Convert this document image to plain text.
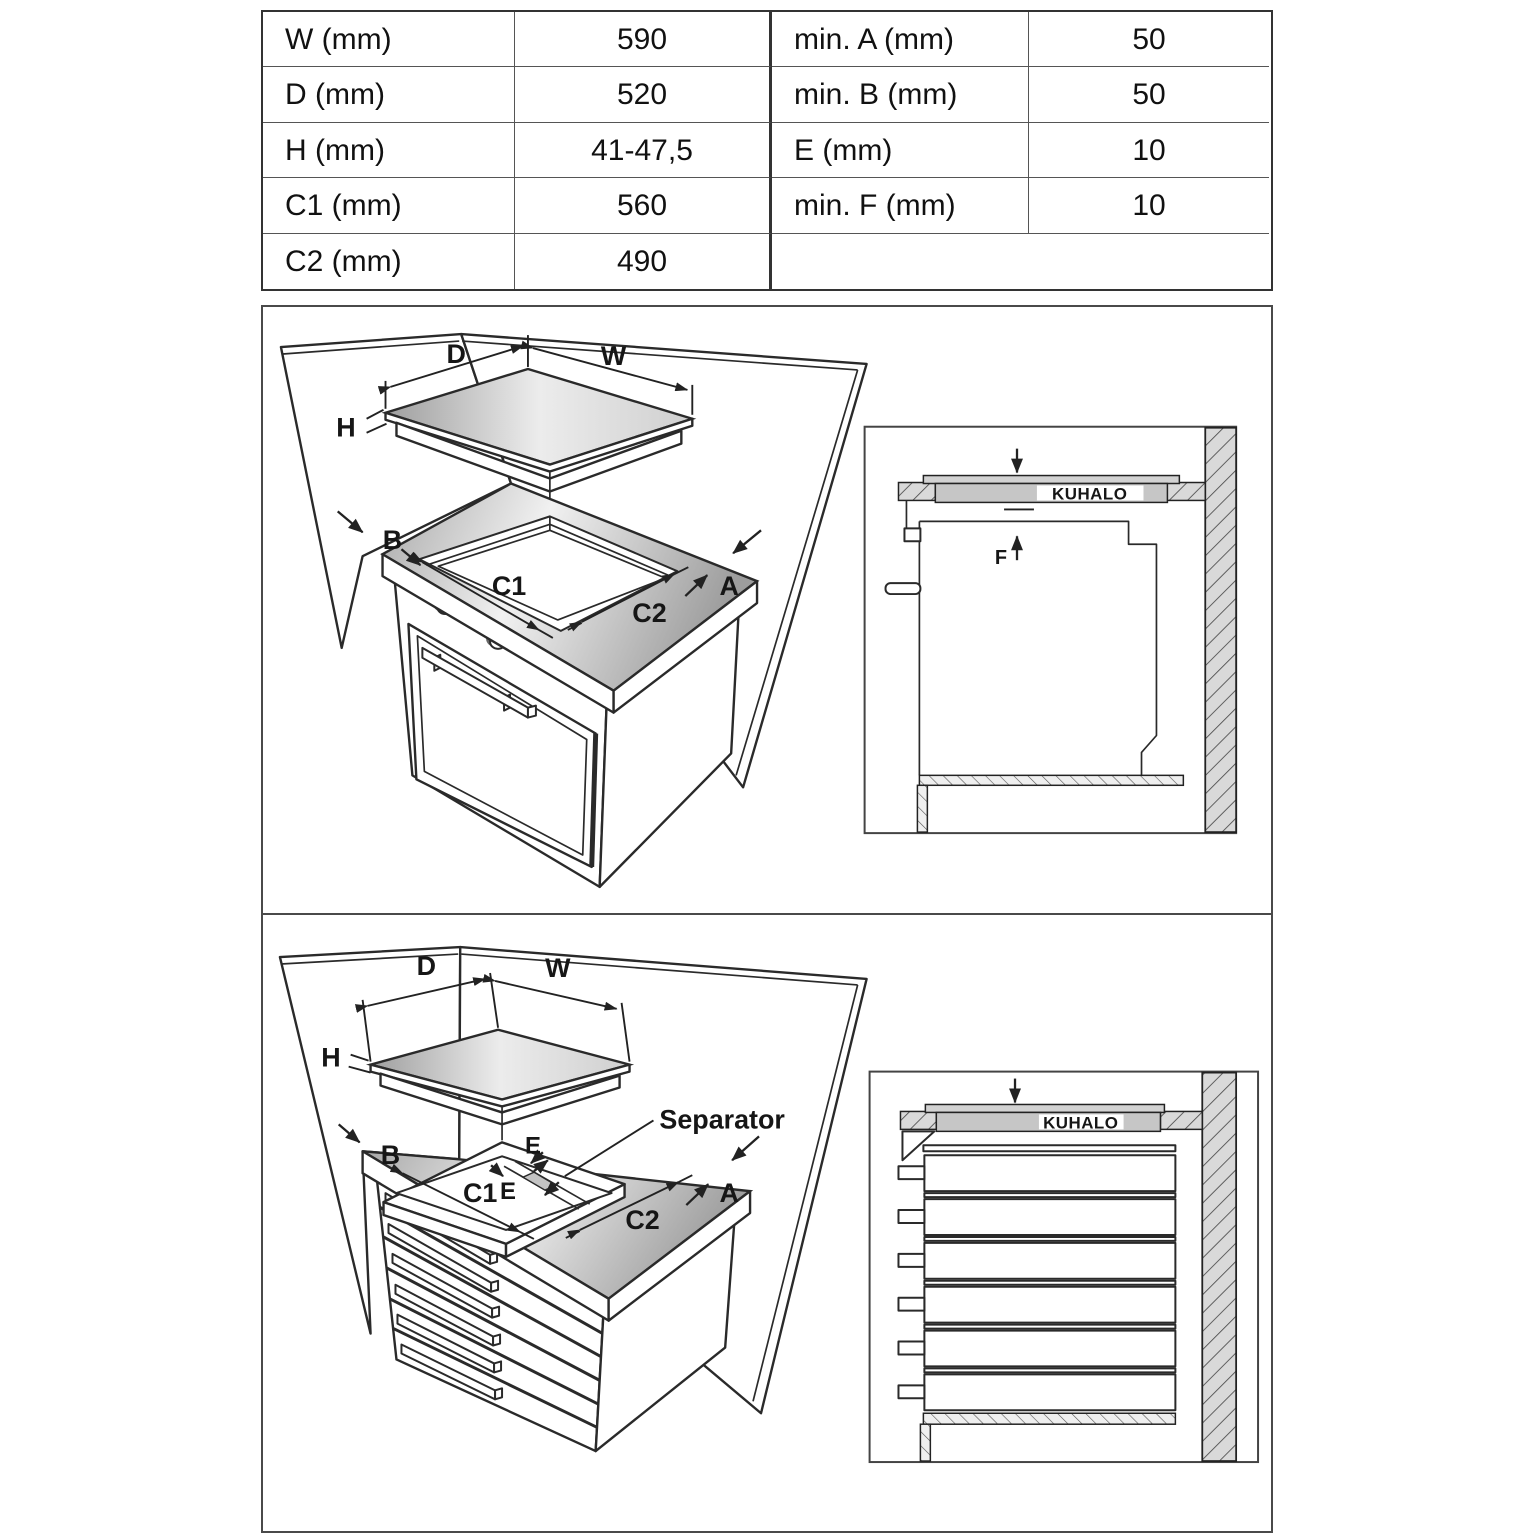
W (mm)	590	min. A (mm)	50
D (mm)	520	min. B (mm)	50
H (mm)	41-47,5	E (mm)	10
C1 (mm)	560	min. F (mm)	10
C2 (mm)	490
D	W
H
C1
C2
B
A
KUHALO
F
D	W
H
Separator
E
E
C1
C2
B
A
KUHALO
